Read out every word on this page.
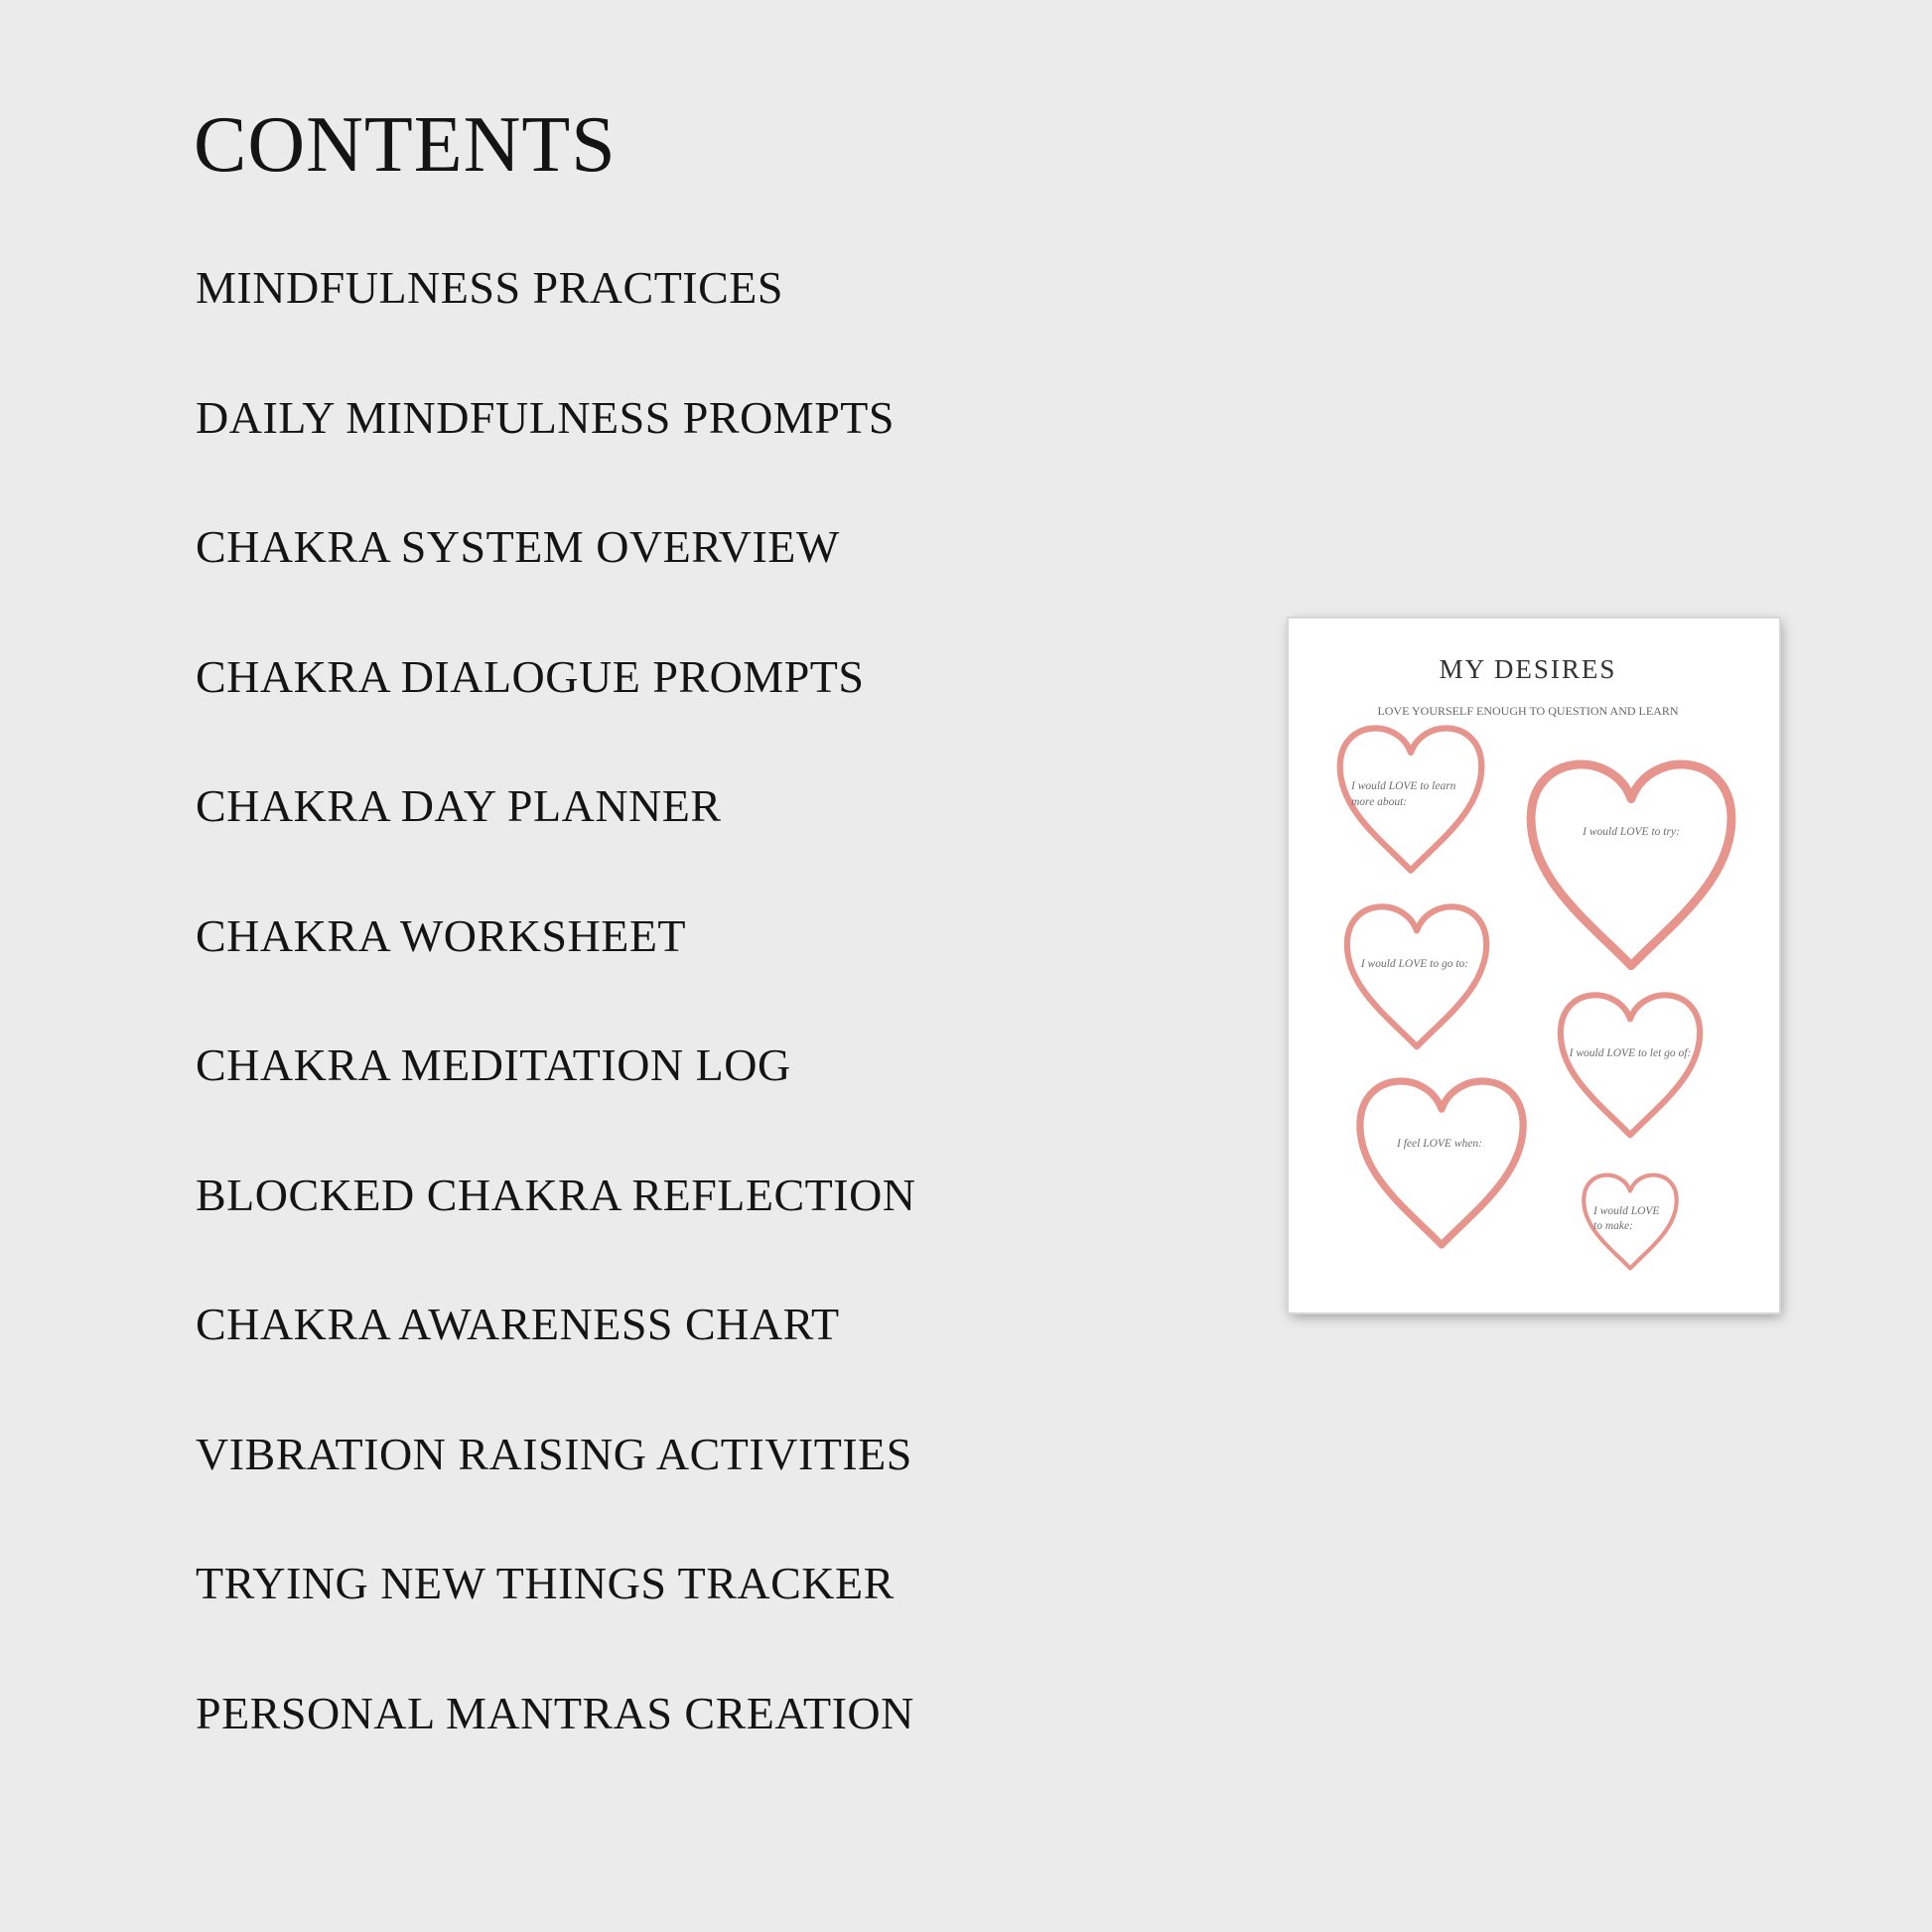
CONTENTS
MINDFULNESS PRACTICES
DAILY MINDFULNESS PROMPTS
CHAKRA SYSTEM OVERVIEW
CHAKRA DIALOGUE PROMPTS
CHAKRA DAY PLANNER
CHAKRA WORKSHEET
CHAKRA MEDITATION LOG
BLOCKED CHAKRA REFLECTION
CHAKRA AWARENESS CHART
VIBRATION RAISING ACTIVITIES
TRYING NEW THINGS TRACKER
PERSONAL MANTRAS CREATION
MY DESIRES
LOVE YOURSELF ENOUGH TO QUESTION AND LEARN
I would LOVE to learn
more about:
I would LOVE to try:
I would LOVE to go to:
I would LOVE to let go of:
I feel LOVE when:
I would LOVE
to make:
